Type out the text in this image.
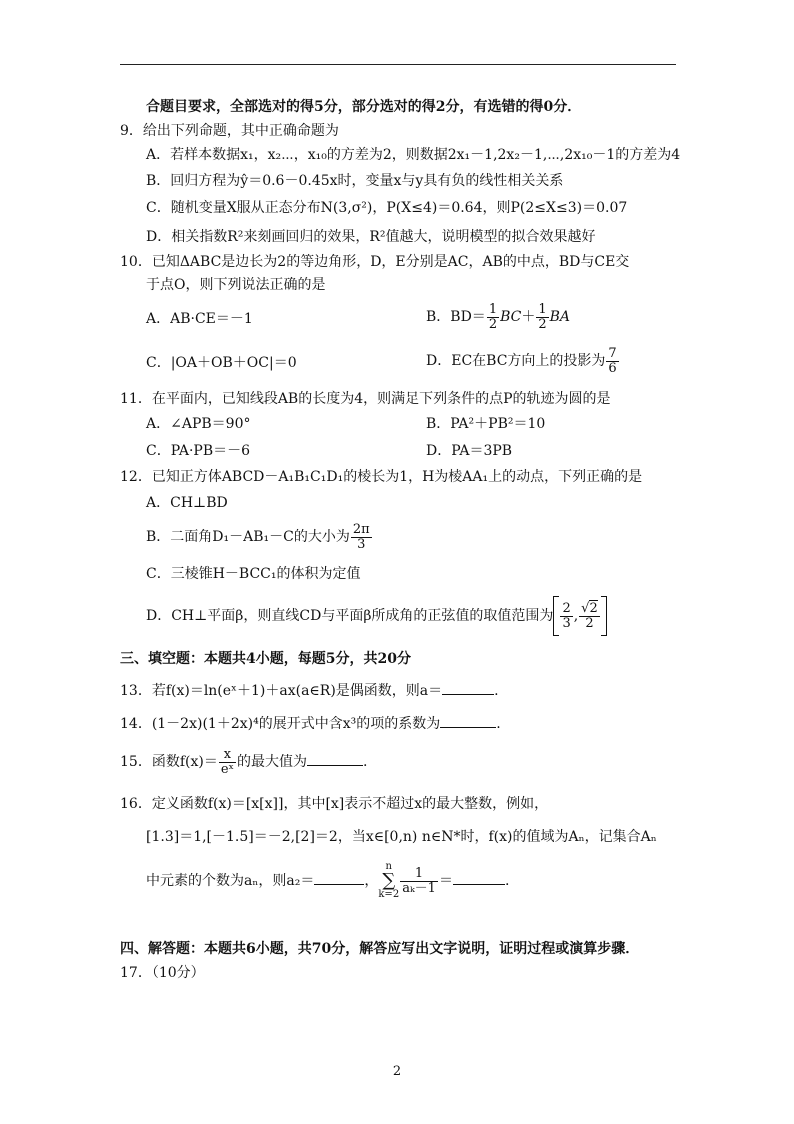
合题目要求，全部选对的得5分，部分选对的得2分，有选错的得0分．
9．给出下列命题，其中正确命题为
A．若样本数据x₁，x₂⋯，x₁₀的方差为2，则数据2x₁－1,2x₂－1,⋯,2x₁₀－1的方差为4
B．回归方程为ŷ＝0.6－0.45x时，变量x与y具有负的线性相关关系
C．随机变量X服从正态分布N(3,σ²)，P(X≤4)＝0.64，则P(2≤X≤3)＝0.07
D．相关指数R²来刻画回归的效果，R²值越大，说明模型的拟合效果越好
10．已知ΔABC是边长为2的等边角形，D，E分别是AC，AB的中点，BD与CE交
于点O，则下列说法正确的是
A．AB·CE＝－1	B．$BD= \frac{1}{2} BC+ \frac{1}{2}$ BA
C．|OA＋OB＋OC|＝0	D．EC在BC方向上的投影为 $\frac{7}{6}$
11．在平面内，已知线段AB的长度为4，则满足下列条件的点P的轨迹为圆的是
A．∠APB＝90°	B．PA²＋PB²＝10
C．PA·PB＝－6	D．PA＝3PB
12．已知正方体ABCD－A₁B₁C₁D₁的棱长为1，H为棱AA₁上的动点，下列正确的是
A．CH⊥BD
B．二面角D₁－AB₁－C的大小为 $\frac{2\pi}{3}$
C．三棱锥H－BCC₁的体积为定值
D．CH⊥平面β，则直线CD与平面β所成角的正弦值的取值范围为 $\frac{2}{3}$ , $\frac{√2}{2}$
三、填空题：本题共4小题，每题5分，共20分
13．若f(x)＝ln(eˣ＋1)＋ax(a∈R)是偶函数，则a＝	.
14．(1－2x)(1＋2x)⁴的展开式中含x³的项的系数为	.
15．函数$f(x)= \frac{x}{\text{eˣ}}$ 的最大值为	.
16．定义函数f(x)＝[x[x]]，其中[x]表示不超过x的最大整数，例如，
[1.3]＝1,[－1.5]＝－2,[2]＝2，当x∈[0,n) n∈N*时，f(x)的值域为Aₙ，记集合Aₙ
中元素的个数为aₙ，则a₂＝	，n
∑
$k=2 \frac{1}{\text{aₖ－1}}$ ＝	.
四、解答题：本题共6小题，共70分，解答应写出文字说明，证明过程或演算步骤．
17．（10分）
2
